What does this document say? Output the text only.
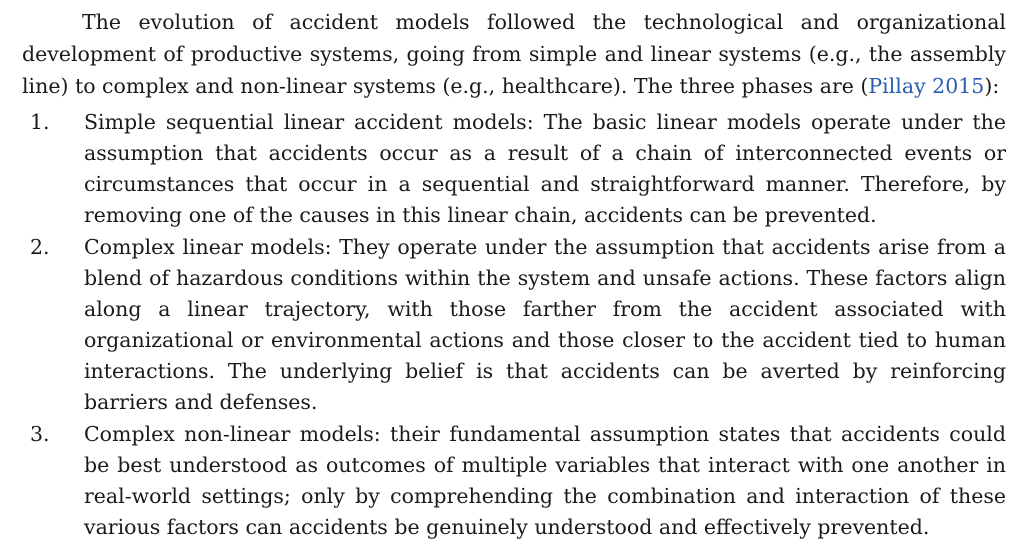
The evolution of accident models followed the technological and organizational development of productive systems, going from simple and linear systems (e.g., the assembly line) to complex and non-linear systems (e.g., healthcare). The three phases are (Pillay 2015):

1. Simple sequential linear accident models: The basic linear models operate under the assumption that accidents occur as a result of a chain of interconnected events or circumstances that occur in a sequential and straightforward manner. Therefore, by removing one of the causes in this linear chain, accidents can be prevented.
2. Complex linear models: They operate under the assumption that accidents arise from a blend of hazardous conditions within the system and unsafe actions. These factors align along a linear trajectory, with those farther from the accident associated with organizational or environmental actions and those closer to the accident tied to human interactions. The underlying belief is that accidents can be averted by reinforcing barriers and defenses.
3. Complex non-linear models: their fundamental assumption states that accidents could be best understood as outcomes of multiple variables that interact with one another in real-world settings; only by comprehending the combination and interaction of these various factors can accidents be genuinely understood and effectively prevented.
